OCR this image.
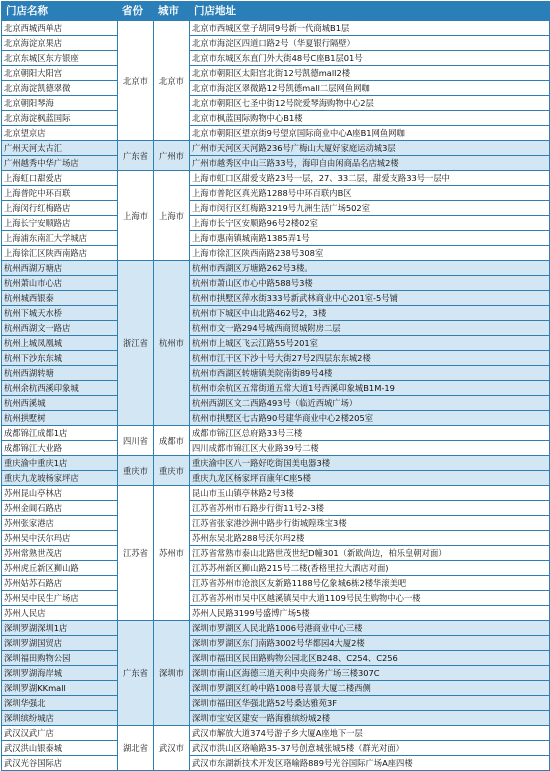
门店名称	省份	城市	门店地址
北京西城西单店	北京市	北京市	北京市西城区堂子胡同9号新一代商城B1层
北京海淀京果店			北京市海淀区四道口路2号（华夏银行隔壁）
北京东城区东方银座			北京市东城区东直门外大街48号C座B1层01号
北京朝阳大阳宫			北京市朝阳区太阳宫北街12号凯德mall2楼
北京海淀凯德翠微			北京市海淀区翠微路12号凯德mall二层网鱼网咖
北京朝阳琴海			北京市朝阳区七圣中街12号院爱琴海购物中心2层
北京海淀枫蓝国际			北京市枫蓝国际购物中心B1楼
北京望京店			北京市朝阳区望京街9号望京国际商业中心A座B1网鱼网咖
广州天河太古汇	广东省	广州市	广州市天河区天河路236号广梅山大厦好家庭运动城3层
广州越秀中华广场店			广州市越秀区中山三路33号，海印自由闲商品名店城2楼
上海虹口甜爱店	上海市	上海市	上海市虹口区甜爱支路23号一层，27、33二层，甜爱支路33号一层中
上海普陀中环百联			上海市普陀区真光路1288号中环百联内B区
上海闵行红梅路店			上海市闵行区红梅路3219号九洲生活广场502室
上海长宁安顺路店			上海市长宁区安顺路96号2楼02室
上海浦东南汇大学城店			上海市惠南镇城南路1385弄1号
上海徐汇区陕西南路店			上海市徐汇区陕西南路238号308室
杭州西湖万塘店	浙江省	杭州市	杭州市西湖区万塘路262号3楼。
杭州萧山市心店			杭州市萧山区市心中路588号3楼
杭州城西银泰			杭州市拱墅区萍水街333号新武林商业中心201室-5号铺
杭州下城天水桥			杭州市下城区中山北路462号2，3楼
杭州西湖文一路店			杭州市文一路294号城西商贸城附房二层
杭州上城凤凰城			杭州市上城区飞云江路55号201室
杭州下沙东东城			杭州市江干区下沙十号大街27号2四层东东城2楼
杭州西湖转塘			杭州市西湖区转塘镇美院南街89号4楼
杭州余杭西溪印象城			杭州市余杭区五常街道五常大道1号西溪印象城B1M-19
杭州西溪城			杭州西湖区文二西路493号（临近西城广场）
杭州拱墅树			杭州市拱墅区七古路90号建华商业中心2楼205室
成都锦江成都1店	四川省	成都市	成都市锦江区总府路33号三楼
成都锦江大业路			四川成都市锦江区大业路39号二楼
重庆渝中重庆1店	重庆市	重庆市	重庆渝中区八一路好吃街国美电器3楼
重庆九龙坡杨家坪店			重庆九龙区杨家坪百康年C座5楼
苏州昆山亭林店	江苏省	苏州市	昆山市玉山镇亭林路2号3楼
苏州金阊石路店			江苏省苏州市石路步行街11号2-3楼
苏州张家港店			江苏省张家港沙洲中路步行街城隍珠宝3楼
苏州吴中沃尔玛店			苏州东吴北路288号沃尔玛2楼
苏州常熟世茂店			江苏省常熟市泰山北路世茂世纪D幢301（新欧尚边，柏乐皇朝对面）
苏州虎丘新区狮山路			江苏苏州新区狮山路215号二楼(香格里拉大酒店对面)
苏州姑苏石路店			江苏省苏州市沧浪区友新路1188号亿象城6栋2楼华滚美吧
苏州吴中民生广场店			江苏省苏州市吴中区越溪镇吴中大道1109号民生购物中心一楼
苏州人民店			苏州人民路3199号盛博广场5楼
深圳罗湖深圳1店	广东省	深圳市	深圳市罗湖区人民北路1006号港商业中心三楼
深圳罗湖国贸店			深圳市罗湖区东门南路3002号华都园4大厦2楼
深圳福田购物公园			深圳市福田区民田路购物公园北区B248、C254、C256
深圳罗湖海岸城			深圳市南山区海德三道天利中央商务广场三楼307C
深圳罗湖KKmall			深圳市罗湖区红岭中路1008号喜景大厦二楼西侧
深圳华强北			深圳市福田区华强北路52号桑达雅苑3F
深圳缤纷城店			深圳市宝安区建安一路海雅缤纷城2楼
武汉汉武广店	湖北省	武汉市	武汉市解放大道374号游子乡大厦A座地下一层
武汉洪山银泰城			武汉市洪山区珞喻路35-37号创意城张城5楼（群光对面）
武汉光谷国际店			武汉市东湖新技术开发区珞喻路889号光谷国际广场A座四楼
